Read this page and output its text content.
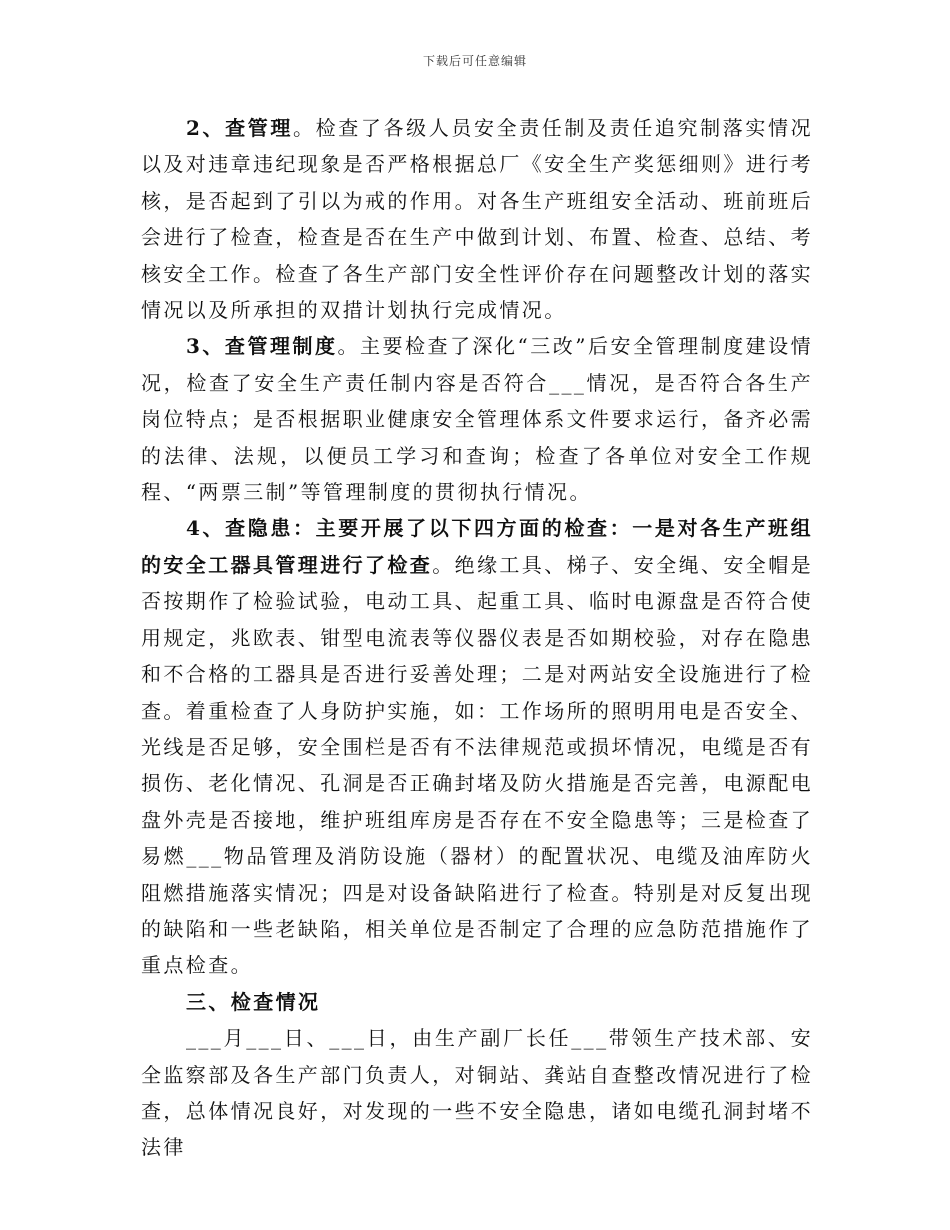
下载后可任意编辑

2、查管理。检查了各级人员安全责任制及责任追究制落实情况以及对违章违纪现象是否严格根据总厂《安全生产奖惩细则》进行考核，是否起到了引以为戒的作用。对各生产班组安全活动、班前班后会进行了检查，检查是否在生产中做到计划、布置、检查、总结、考核安全工作。检查了各生产部门安全性评价存在问题整改计划的落实情况以及所承担的双措计划执行完成情况。

3、查管理制度。主要检查了深化“三改”后安全管理制度建设情况，检查了安全生产责任制内容是否符合___情况，是否符合各生产岗位特点；是否根据职业健康安全管理体系文件要求运行，备齐必需的法律、法规，以便员工学习和查询；检查了各单位对安全工作规程、“两票三制”等管理制度的贯彻执行情况。

4、查隐患：主要开展了以下四方面的检查：一是对各生产班组的安全工器具管理进行了检查。绝缘工具、梯子、安全绳、安全帽是否按期作了检验试验，电动工具、起重工具、临时电源盘是否符合使用规定，兆欧表、钳型电流表等仪器仪表是否如期校验，对存在隐患和不合格的工器具是否进行妥善处理；二是对两站安全设施进行了检查。着重检查了人身防护实施，如：工作场所的照明用电是否安全、光线是否足够，安全围栏是否有不法律规范或损坏情况，电缆是否有损伤、老化情况、孔洞是否正确封堵及防火措施是否完善，电源配电盘外壳是否接地，维护班组库房是否存在不安全隐患等；三是检查了易燃___物品管理及消防设施（器材）的配置状况、电缆及油库防火阻燃措施落实情况；四是对设备缺陷进行了检查。特别是对反复出现的缺陷和一些老缺陷，相关单位是否制定了合理的应急防范措施作了重点检查。

三、检查情况

___月___日、___日，由生产副厂长任___带领生产技术部、安全监察部及各生产部门负责人，对铜站、龚站自查整改情况进行了检查，总体情况良好，对发现的一些不安全隐患，诸如电缆孔洞封堵不法律
